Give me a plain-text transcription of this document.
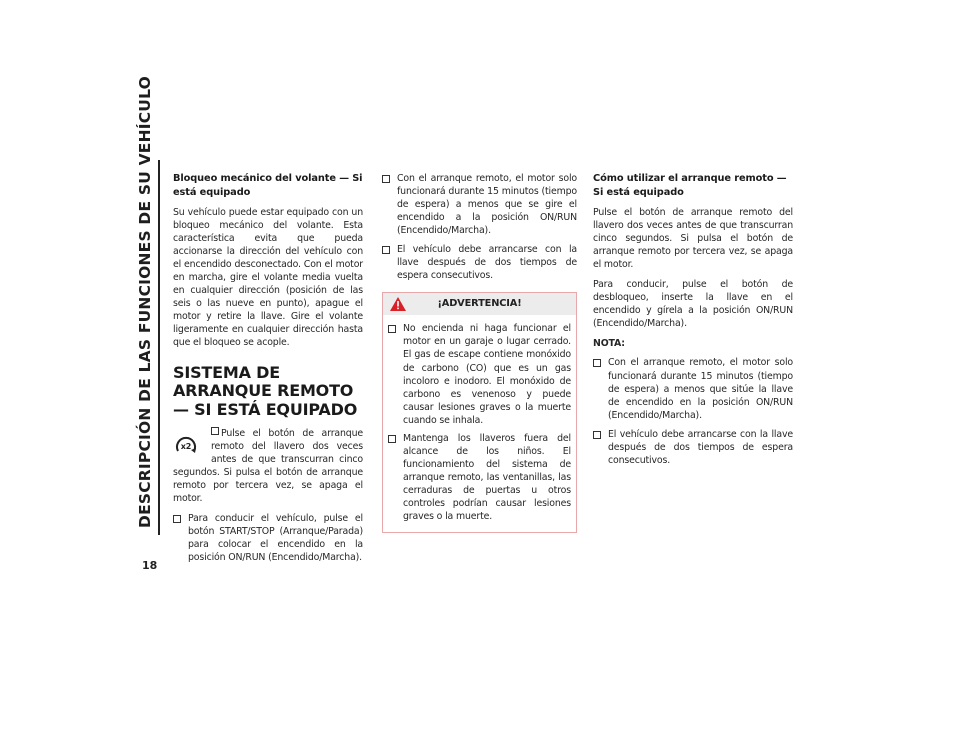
DESCRIPCIÓN DE LAS FUNCIONES DE SU VEHÍCULO
18
Bloqueo mecánico del volante — Si está equipado

Su vehículo puede estar equipado con un bloqueo mecánico del volante. Esta característica evita que pueda accionarse la dirección del vehículo con el encendido desconectado. Con el motor en marcha, gire el volante media vuelta en cualquier dirección (posición de las seis o las nueve en punto), apague el motor y retire la llave. Gire el volante ligeramente en cualquier dirección hasta que el bloqueo se acople.

SISTEMA DE ARRANQUE REMOTO — SI ESTÁ EQUIPADO
x2

Pulse el botón de arranque remoto del llavero dos veces antes de que transcurran cinco segundos. Si pulsa el botón de arranque remoto por tercera vez, se apaga el motor.

Para conducir el vehículo, pulse el botón START/STOP (Arranque/Parada) para colocar el encendido en la posición ON/RUN (Encendido/Marcha).
Con el arranque remoto, el motor solo funcionará durante 15 minutos (tiempo de espera) a menos que se gire el encendido a la posición ON/RUN (Encendido/Marcha).
El vehículo debe arrancarse con la llave después de dos tiempos de espera consecutivos.
¡ADVERTENCIA!
No encienda ni haga funcionar el motor en un garaje o lugar cerrado. El gas de escape contiene monóxido de carbono (CO) que es un gas incoloro e inodoro. El monóxido de carbono es venenoso y puede causar lesiones graves o la muerte cuando se inhala.
Mantenga los llaveros fuera del alcance de los niños. El funcionamiento del sistema de arranque remoto, las ventanillas, las cerraduras de puertas u otros controles podrían causar lesiones graves o la muerte.
Cómo utilizar el arranque remoto — Si está equipado

Pulse el botón de arranque remoto del llavero dos veces antes de que transcurran cinco segundos. Si pulsa el botón de arranque remoto por tercera vez, se apaga el motor.

Para conducir, pulse el botón de desbloqueo, inserte la llave en el encendido y gírela a la posición ON/RUN (Encendido/Marcha).

NOTA:
Con el arranque remoto, el motor solo funcionará durante 15 minutos (tiempo de espera) a menos que sitúe la llave de encendido en la posición ON/RUN (Encendido/Marcha).
El vehículo debe arrancarse con la llave después de dos tiempos de espera consecutivos.
